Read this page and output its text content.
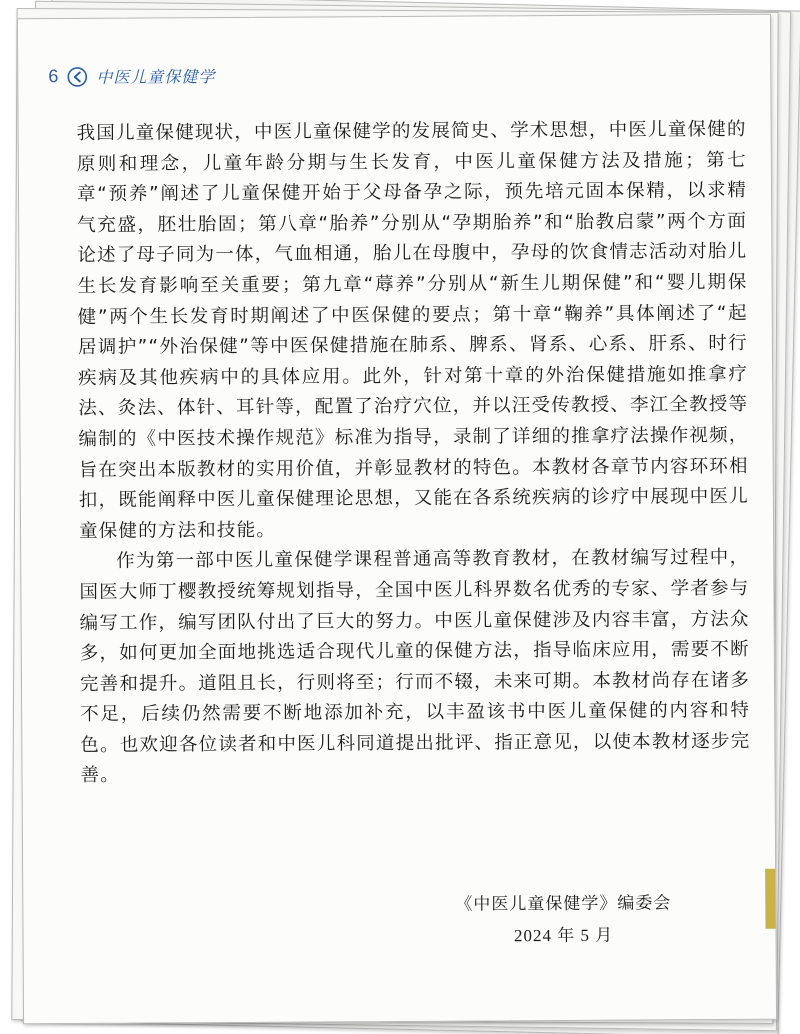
6 中医儿童保健学

我国儿童保健现状，中医儿童保健学的发展简史、学术思想，中医儿童保健的原则和理念，儿童年龄分期与生长发育，中医儿童保健方法及措施；第七章“预养”阐述了儿童保健开始于父母备孕之际，预先培元固本保精，以求精气充盛，胚壮胎固；第八章“胎养”分别从“孕期胎养”和“胎教启蒙”两个方面论述了母子同为一体，气血相通，胎儿在母腹中，孕母的饮食情志活动对胎儿生长发育影响至关重要；第九章“蓐养”分别从“新生儿期保健”和“婴儿期保健”两个生长发育时期阐述了中医保健的要点；第十章“鞠养”具体阐述了“起居调护”“外治保健”等中医保健措施在肺系、脾系、肾系、心系、肝系、时行疾病及其他疾病中的具体应用。此外，针对第十章的外治保健措施如推拿疗法、灸法、体针、耳针等，配置了治疗穴位，并以汪受传教授、李江全教授等编制的《中医技术操作规范》标准为指导，录制了详细的推拿疗法操作视频，旨在突出本版教材的实用价值，并彰显教材的特色。本教材各章节内容环环相扣，既能阐释中医儿童保健理论思想，又能在各系统疾病的诊疗中展现中医儿童保健的方法和技能。

作为第一部中医儿童保健学课程普通高等教育教材，在教材编写过程中，国医大师丁樱教授统筹规划指导，全国中医儿科界数名优秀的专家、学者参与编写工作，编写团队付出了巨大的努力。中医儿童保健涉及内容丰富，方法众多，如何更加全面地挑选适合现代儿童的保健方法，指导临床应用，需要不断完善和提升。道阻且长，行则将至；行而不辍，未来可期。本教材尚存在诸多不足，后续仍然需要不断地添加补充，以丰盈该书中医儿童保健的内容和特色。也欢迎各位读者和中医儿科同道提出批评、指正意见，以使本教材逐步完善。

《中医儿童保健学》编委会
2024 年 5 月
